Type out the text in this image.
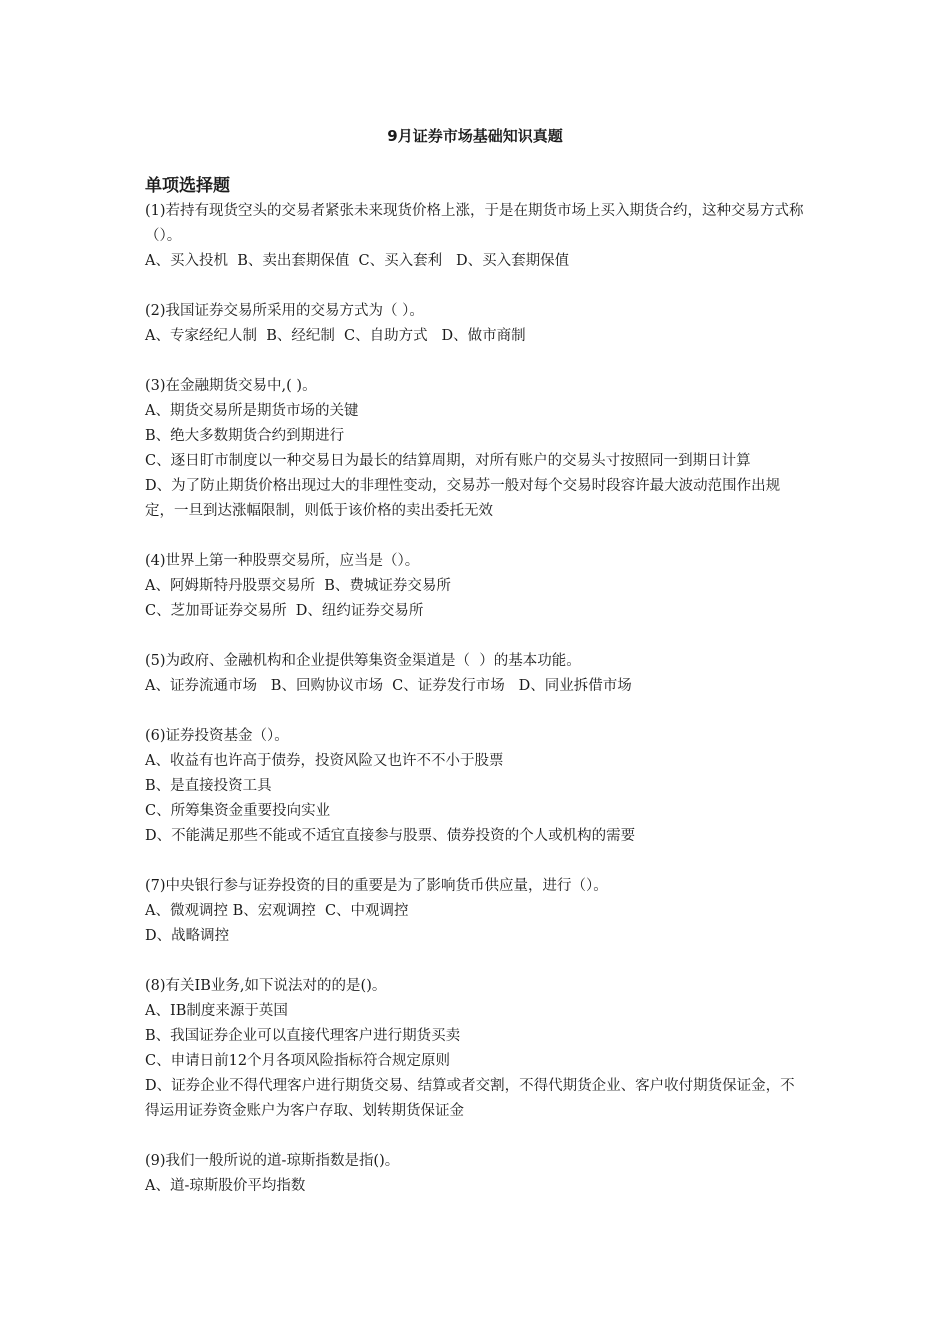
9月证券市场基础知识真题
单项选择题

(1)若持有现货空头的交易者紧张未来现货价格上涨，于是在期货市场上买入期货合约，这种交易方式称（）。

A、买入投机  B、卖出套期保值  C、买入套利   D、买入套期保值

(2)我国证券交易所采用的交易方式为（ ）。

A、专家经纪人制  B、经纪制  C、自助方式   D、做市商制

(3)在金融期货交易中,( )。

A、期货交易所是期货市场的关键

B、绝大多数期货合约到期进行

C、逐日盯市制度以一种交易日为最长的结算周期，对所有账户的交易头寸按照同一到期日计算

D、为了防止期货价格出现过大的非理性变动，交易苏一般对每个交易时段容许最大波动范围作出规定，一旦到达涨幅限制，则低于该价格的卖出委托无效

(4)世界上第一种股票交易所，应当是（）。

A、阿姆斯特丹股票交易所  B、费城证券交易所

C、芝加哥证券交易所  D、纽约证券交易所

(5)为政府、金融机构和企业提供筹集资金渠道是（  ）的基本功能。

A、证券流通市场   B、回购协议市场  C、证券发行市场   D、同业拆借市场

(6)证券投资基金（）。

A、收益有也许高于债券，投资风险又也许不不小于股票

B、是直接投资工具

C、所筹集资金重要投向实业

D、不能满足那些不能或不适宜直接参与股票、债券投资的个人或机构的需要

(7)中央银行参与证券投资的目的重要是为了影响货币供应量，进行（）。

A、微观调控 B、宏观调控  C、中观调控

D、战略调控

(8)有关IB业务,如下说法对的的是()。

A、IB制度来源于英国

B、我国证券企业可以直接代理客户进行期货买卖

C、申请日前12个月各项风险指标符合规定原则

D、证券企业不得代理客户进行期货交易、结算或者交割，不得代期货企业、客户收付期货保证金，不得运用证券资金账户为客户存取、划转期货保证金

(9)我们一般所说的道-琼斯指数是指()。

A、道-琼斯股价平均指数
